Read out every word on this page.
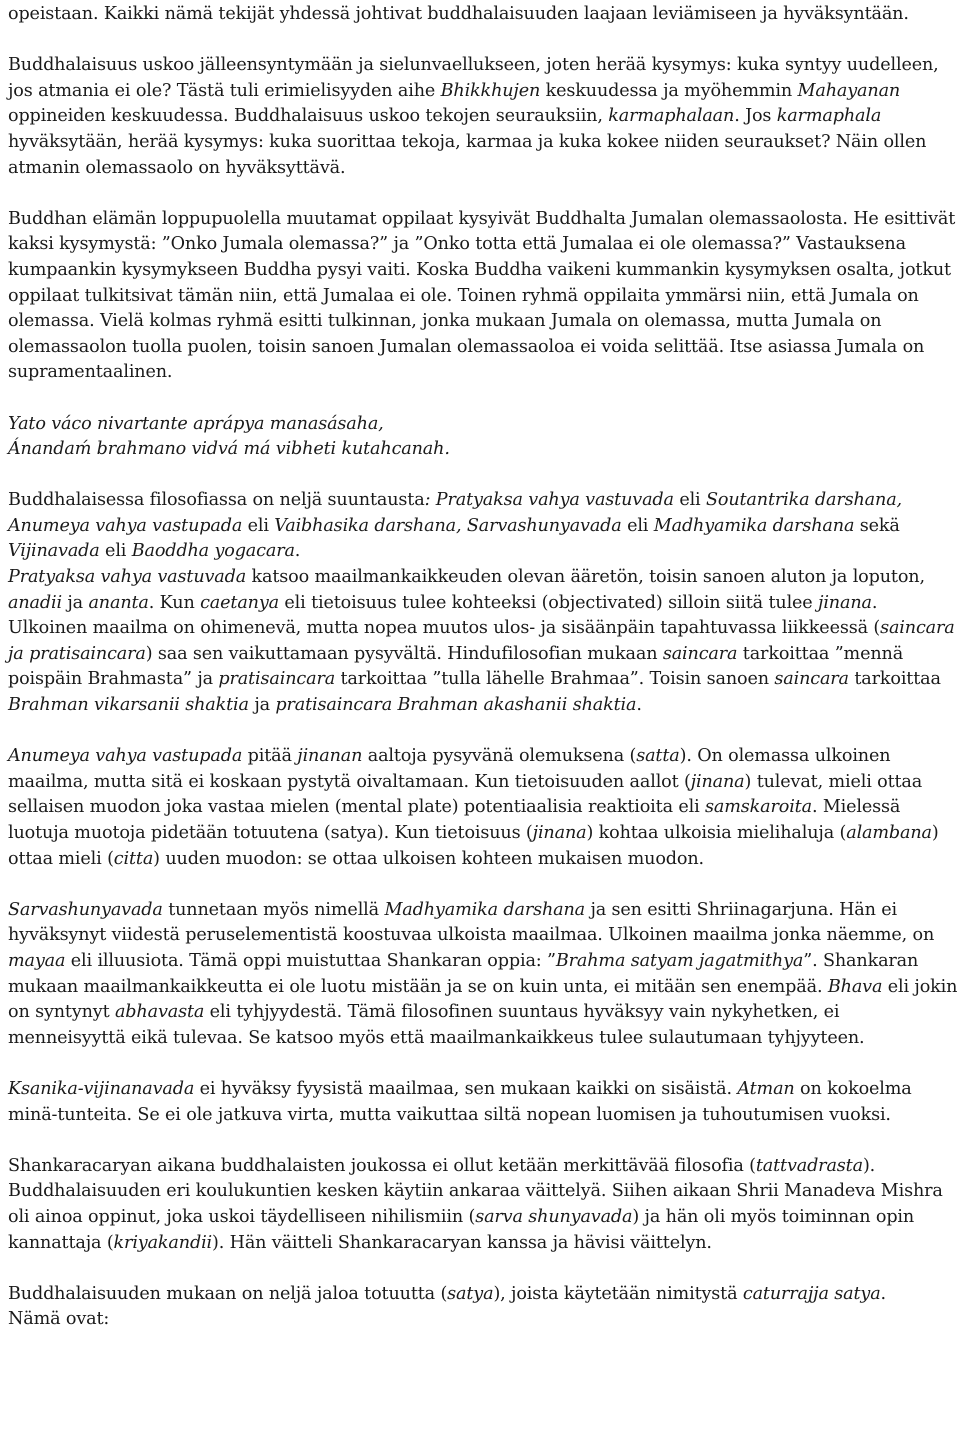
opeistaan. Kaikki nämä tekijät yhdessä johtivat buddhalaisuuden laajaan leviämiseen ja hyväksyntään.

Buddhalaisuus uskoo jälleensyntymään ja sielunvaellukseen, joten herää kysymys: kuka syntyy uudelleen, jos atmania ei ole? Tästä tuli erimielisyyden aihe Bhikkhujen keskuudessa ja myöhemmin Mahayanan oppineiden keskuudessa. Buddhalaisuus uskoo tekojen seurauksiin, karmaphalaan. Jos karmaphala hyväksytään, herää kysymys: kuka suorittaa tekoja, karmaa ja kuka kokee niiden seuraukset? Näin ollen atmanin olemassaolo on hyväksyttävä.

Buddhan elämän loppupuolella muutamat oppilaat kysyivät Buddhalta Jumalan olemassaolosta. He esittivät kaksi kysymystä: ”Onko Jumala olemassa?” ja ”Onko totta että Jumalaa ei ole olemassa?” Vastauksena kumpaankin kysymykseen Buddha pysyi vaiti. Koska Buddha vaikeni kummankin kysymyksen osalta, jotkut oppilaat tulkitsivat tämän niin, että Jumalaa ei ole. Toinen ryhmä oppilaita ymmärsi niin, että Jumala on olemassa. Vielä kolmas ryhmä esitti tulkinnan, jonka mukaan Jumala on olemassa, mutta Jumala on olemassaolon tuolla puolen, toisin sanoen Jumalan olemassaoloa ei voida selittää. Itse asiassa Jumala on supramentaalinen.

Yato váco nivartante aprápya manasásaha,
Ánandaḿ brahmano vidvá má vibheti kutahcanah.

Buddhalaisessa filosofiassa on neljä suuntausta: Pratyaksa vahya vastuvada eli Soutantrika darshana, Anumeya vahya vastupada eli Vaibhasika darshana, Sarvashunyavada eli Madhyamika darshana sekä Vijinavada eli Baoddha yogacara.

Pratyaksa vahya vastuvada katsoo maailmankaikkeuden olevan ääretön, toisin sanoen aluton ja loputon, anadii ja ananta. Kun caetanya eli tietoisuus tulee kohteeksi (objectivated) silloin siitä tulee jinana. Ulkoinen maailma on ohimenevä, mutta nopea muutos ulos- ja sisäänpäin tapahtuvassa liikkeessä (saincara ja pratisaincara) saa sen vaikuttamaan pysyvältä. Hindufilosofian mukaan saincara tarkoittaa ”mennä poispäin Brahmasta” ja pratisaincara tarkoittaa ”tulla lähelle Brahmaa”. Toisin sanoen saincara tarkoittaa Brahman vikarsanii shaktia ja pratisaincara Brahman akashanii shaktia.

Anumeya vahya vastupada pitää jinanan aaltoja pysyvänä olemuksena (satta). On olemassa ulkoinen maailma, mutta sitä ei koskaan pystytä oivaltamaan. Kun tietoisuuden aallot (jinana) tulevat, mieli ottaa sellaisen muodon joka vastaa mielen (mental plate) potentiaalisia reaktioita eli samskaroita. Mielessä luotuja muotoja pidetään totuutena (satya). Kun tietoisuus (jinana) kohtaa ulkoisia mielihaluja (alambana) ottaa mieli (citta) uuden muodon: se ottaa ulkoisen kohteen mukaisen muodon.

Sarvashunyavada tunnetaan myös nimellä Madhyamika darshana ja sen esitti Shriinagarjuna. Hän ei hyväksynyt viidestä peruselementistä koostuvaa ulkoista maailmaa. Ulkoinen maailma jonka näemme, on mayaa eli illuusiota. Tämä oppi muistuttaa Shankaran oppia: ”Brahma satyam jagatmithya”. Shankaran mukaan maailmankaikkeutta ei ole luotu mistään ja se on kuin unta, ei mitään sen enempää. Bhava eli jokin on syntynyt abhavasta eli tyhjyydestä. Tämä filosofinen suuntaus hyväksyy vain nykyhetken, ei menneisyyttä eikä tulevaa. Se katsoo myös että maailmankaikkeus tulee sulautumaan tyhjyyteen.

Ksanika-vijinanavada ei hyväksy fyysistä maailmaa, sen mukaan kaikki on sisäistä. Atman on kokoelma minä-tunteita. Se ei ole jatkuva virta, mutta vaikuttaa siltä nopean luomisen ja tuhoutumisen vuoksi.

Shankaracaryan aikana buddhalaisten joukossa ei ollut ketään merkittävää filosofia (tattvadrasta). Buddhalaisuuden eri koulukuntien kesken käytiin ankaraa väittelyä. Siihen aikaan Shrii Manadeva Mishra oli ainoa oppinut, joka uskoi täydelliseen nihilismiin (sarva shunyavada) ja hän oli myös toiminnan opin kannattaja (kriyakandii). Hän väitteli Shankaracaryan kanssa ja hävisi väittelyn.

Buddhalaisuuden mukaan on neljä jaloa totuutta (satya), joista käytetään nimitystä caturrajja satya.
Nämä ovat:
